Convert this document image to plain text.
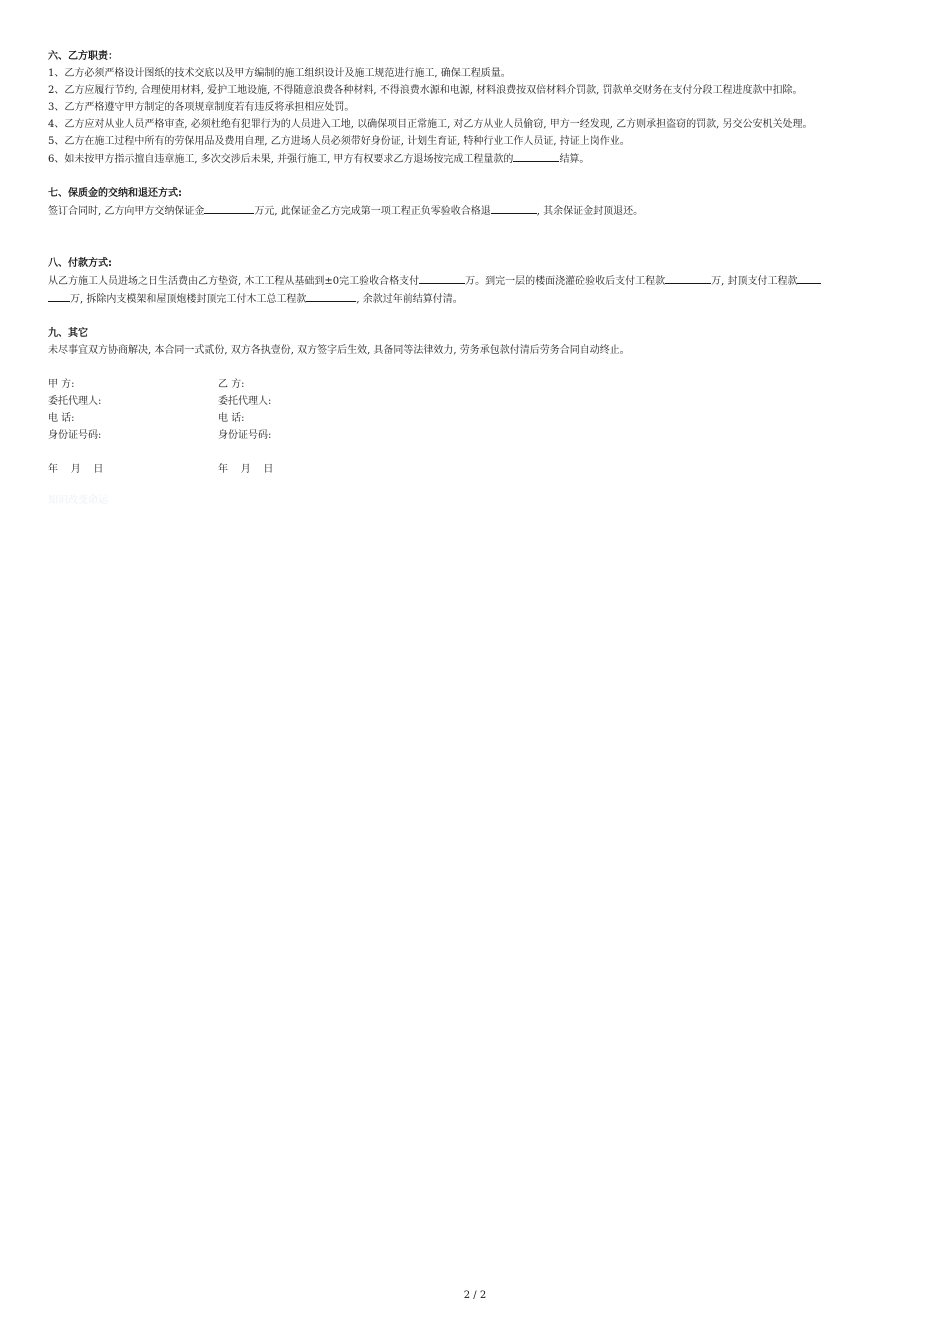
六、乙方职责：
1、乙方必须严格设计图纸的技术交底以及甲方编制的施工组织设计及施工规范进行施工, 确保工程质量。
2、乙方应履行节约, 合理使用材料, 爱护工地设施, 不得随意浪费各种材料, 不得浪费水源和电源, 材料浪费按双倍材料介罚款, 罚款单交财务在支付分段工程进度款中扣除。
3、乙方严格遵守甲方制定的各项规章制度若有违反将承担相应处罚。
4、乙方应对从业人员严格审查, 必须杜绝有犯罪行为的人员进入工地, 以确保项目正常施工, 对乙方从业人员偷窃, 甲方一经发现, 乙方则承担盗窃的罚款, 另交公安机关处理。
5、乙方在施工过程中所有的劳保用品及费用自理, 乙方进场人员必须带好身份证, 计划生育证, 特种行业工作人员证, 持证上岗作业。
6、如未按甲方指示擅自违章施工, 多次交涉后未果, 并强行施工, 甲方有权要求乙方退场按完成工程量款的	结算。
七、保质金的交纳和退还方式:
签订合同时, 乙方向甲方交纳保证金	万元, 此保证金乙方完成第一项工程正负零验收合格退	, 其余保证金封顶退还。
八、付款方式:
从乙方施工人员进场之日生活费由乙方垫资, 木工工程从基础到±0完工验收合格支付	万。到完一层的楼面浇灌砼验收后支付工程款	万, 封顶支付工程款
万, 拆除内支模架和屋顶炮楼封顶完工付木工总工程款	, 余款过年前结算付清。
九、其它
未尽事宜双方协商解决, 本合同一式贰份, 双方各执壹份, 双方签字后生效, 具备同等法律效力, 劳务承包款付清后劳务合同自动终止。
甲 方:	乙 方:
委托代理人:	委托代理人:
电 话:	电 话:
身份证号码:	身份证号码:
年    月    日	年    月    日
知识改变命运
2 / 2
